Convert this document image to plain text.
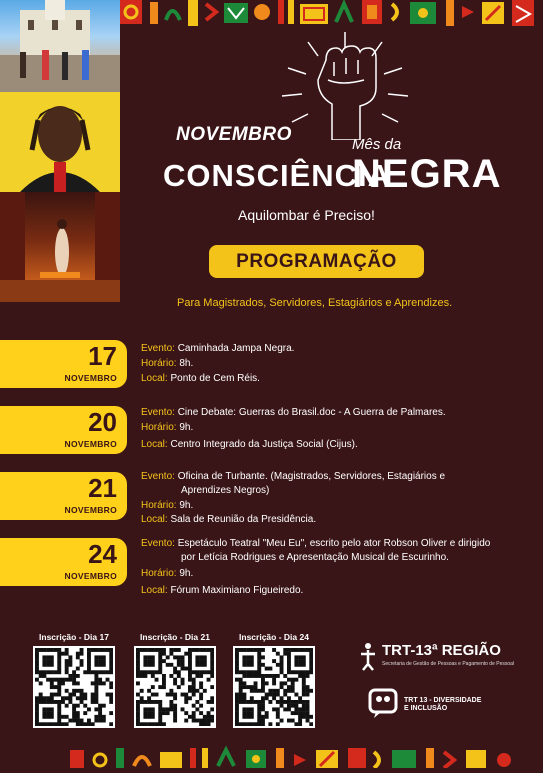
NOVEMBRO	Mês da
CONSCIÊNCIA
NEGRA
Aquilombar é Preciso!
PROGRAMAÇÃO
Para Magistrados, Servidores, Estagiários e Aprendizes.
17
NOVEMBRO
Evento: Caminhada Jampa Negra.
Horário: 8h.
Local: Ponto de Cem Réis.
20
NOVEMBRO
Evento: Cine Debate: Guerras do Brasil.doc - A Guerra de Palmares.
Horário: 9h.
Local: Centro Integrado da Justiça Social (Cijus).
21
NOVEMBRO
Evento: Oficina de Turbante. (Magistrados, Servidores, Estagiários e
Aprendizes Negros)
Horário: 9h.
Local: Sala de Reunião da Presidência.
24
NOVEMBRO
Evento: Espetáculo Teatral "Meu Eu", escrito pelo ator Robson Oliver e dirigido
por Letícia Rodrigues e Apresentação Musical de Escurinho.
Horário: 9h.
Local: Fórum Maximiano Figueiredo.
Inscrição - Dia 17	Inscrição - Dia 21	Inscrição - Dia 24
TRT-13ª REGIÃO
Secretaria de Gestão de Pessoas e Pagamento de Pessoal
TRT 13 - DIVERSIDADE
E INCLUSÃO
